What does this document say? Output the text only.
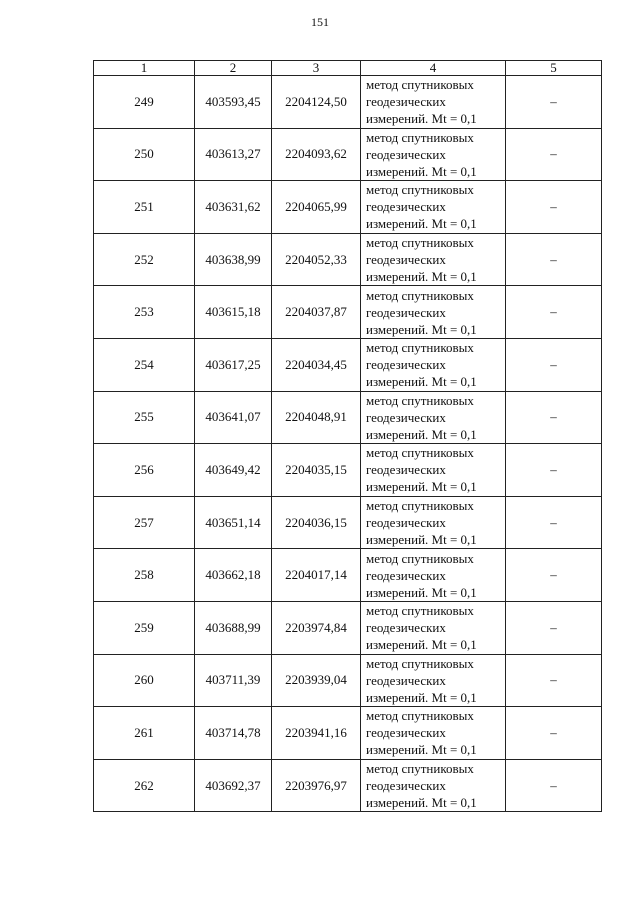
151
1	2	3	4	5
249	403593,45	2204124,50	метод спутниковых
геодезических
измерений. Mt = 0,1	–
250	403613,27	2204093,62	метод спутниковых
геодезических
измерений. Mt = 0,1	–
251	403631,62	2204065,99	метод спутниковых
геодезических
измерений. Mt = 0,1	–
252	403638,99	2204052,33	метод спутниковых
геодезических
измерений. Mt = 0,1	–
253	403615,18	2204037,87	метод спутниковых
геодезических
измерений. Mt = 0,1	–
254	403617,25	2204034,45	метод спутниковых
геодезических
измерений. Mt = 0,1	–
255	403641,07	2204048,91	метод спутниковых
геодезических
измерений. Mt = 0,1	–
256	403649,42	2204035,15	метод спутниковых
геодезических
измерений. Mt = 0,1	–
257	403651,14	2204036,15	метод спутниковых
геодезических
измерений. Mt = 0,1	–
258	403662,18	2204017,14	метод спутниковых
геодезических
измерений. Mt = 0,1	–
259	403688,99	2203974,84	метод спутниковых
геодезических
измерений. Mt = 0,1	–
260	403711,39	2203939,04	метод спутниковых
геодезических
измерений. Mt = 0,1	–
261	403714,78	2203941,16	метод спутниковых
геодезических
измерений. Mt = 0,1	–
262	403692,37	2203976,97	метод спутниковых
геодезических
измерений. Mt = 0,1	–
